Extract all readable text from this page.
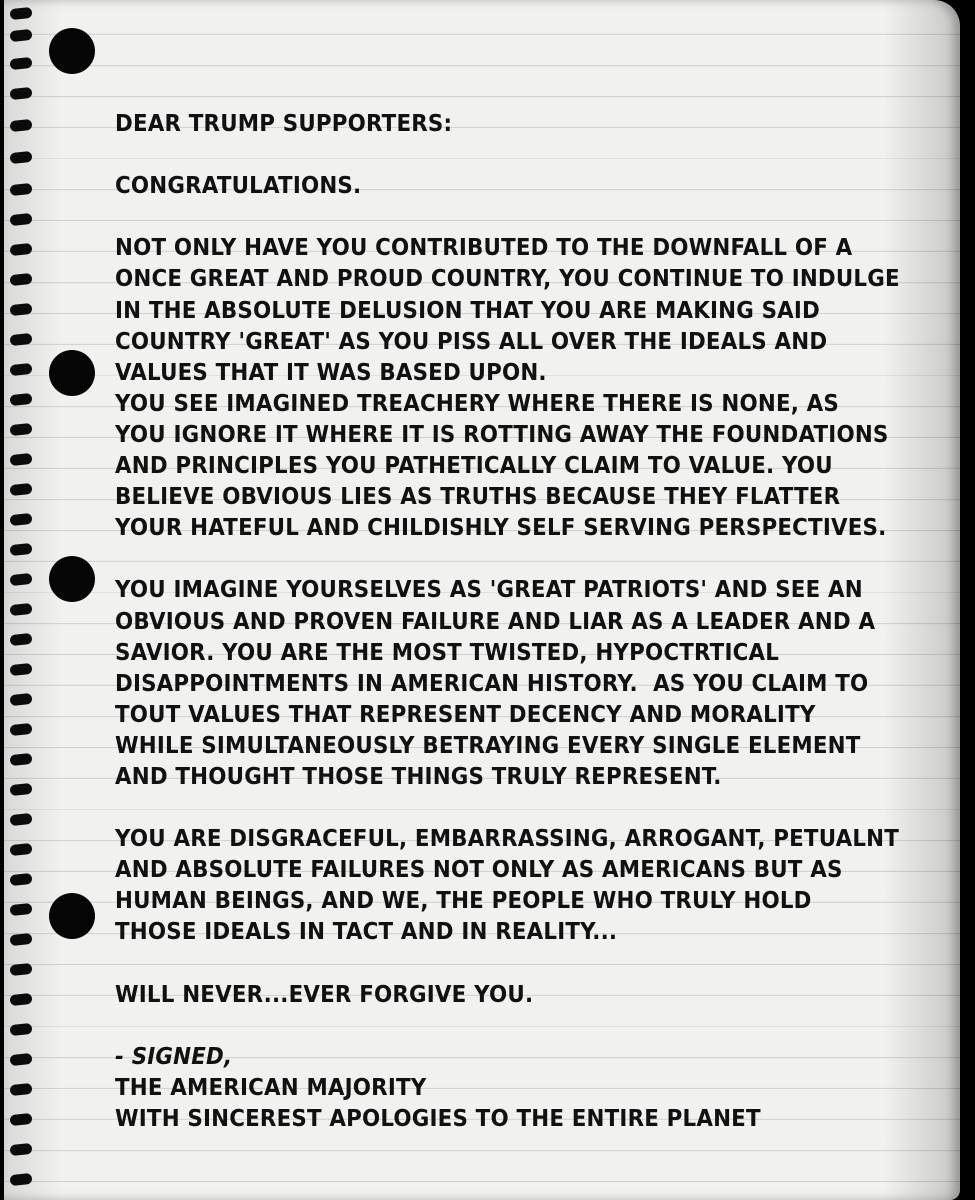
DEAR TRUMP SUPPORTERS:

CONGRATULATIONS.

NOT ONLY HAVE YOU CONTRIBUTED TO THE DOWNFALL OF A

ONCE GREAT AND PROUD COUNTRY, YOU CONTINUE TO INDULGE

IN THE ABSOLUTE DELUSION THAT YOU ARE MAKING SAID

COUNTRY 'GREAT' AS YOU PISS ALL OVER THE IDEALS AND

VALUES THAT IT WAS BASED UPON.

YOU SEE IMAGINED TREACHERY WHERE THERE IS NONE, AS

YOU IGNORE IT WHERE IT IS ROTTING AWAY THE FOUNDATIONS

AND PRINCIPLES YOU PATHETICALLY CLAIM TO VALUE. YOU

BELIEVE OBVIOUS LIES AS TRUTHS BECAUSE THEY FLATTER

YOUR HATEFUL AND CHILDISHLY SELF SERVING PERSPECTIVES.

YOU IMAGINE YOURSELVES AS 'GREAT PATRIOTS' AND SEE AN

OBVIOUS AND PROVEN FAILURE AND LIAR AS A LEADER AND A

SAVIOR. YOU ARE THE MOST TWISTED, HYPOCTRTICAL

DISAPPOINTMENTS IN AMERICAN HISTORY.  AS YOU CLAIM TO

TOUT VALUES THAT REPRESENT DECENCY AND MORALITY

WHILE SIMULTANEOUSLY BETRAYING EVERY SINGLE ELEMENT

AND THOUGHT THOSE THINGS TRULY REPRESENT.

YOU ARE DISGRACEFUL, EMBARRASSING, ARROGANT, PETUALNT

AND ABSOLUTE FAILURES NOT ONLY AS AMERICANS BUT AS

HUMAN BEINGS, AND WE, THE PEOPLE WHO TRULY HOLD

THOSE IDEALS IN TACT AND IN REALITY...

WILL NEVER...EVER FORGIVE YOU.

- SIGNED,

THE AMERICAN MAJORITY

WITH SINCEREST APOLOGIES TO THE ENTIRE PLANET
